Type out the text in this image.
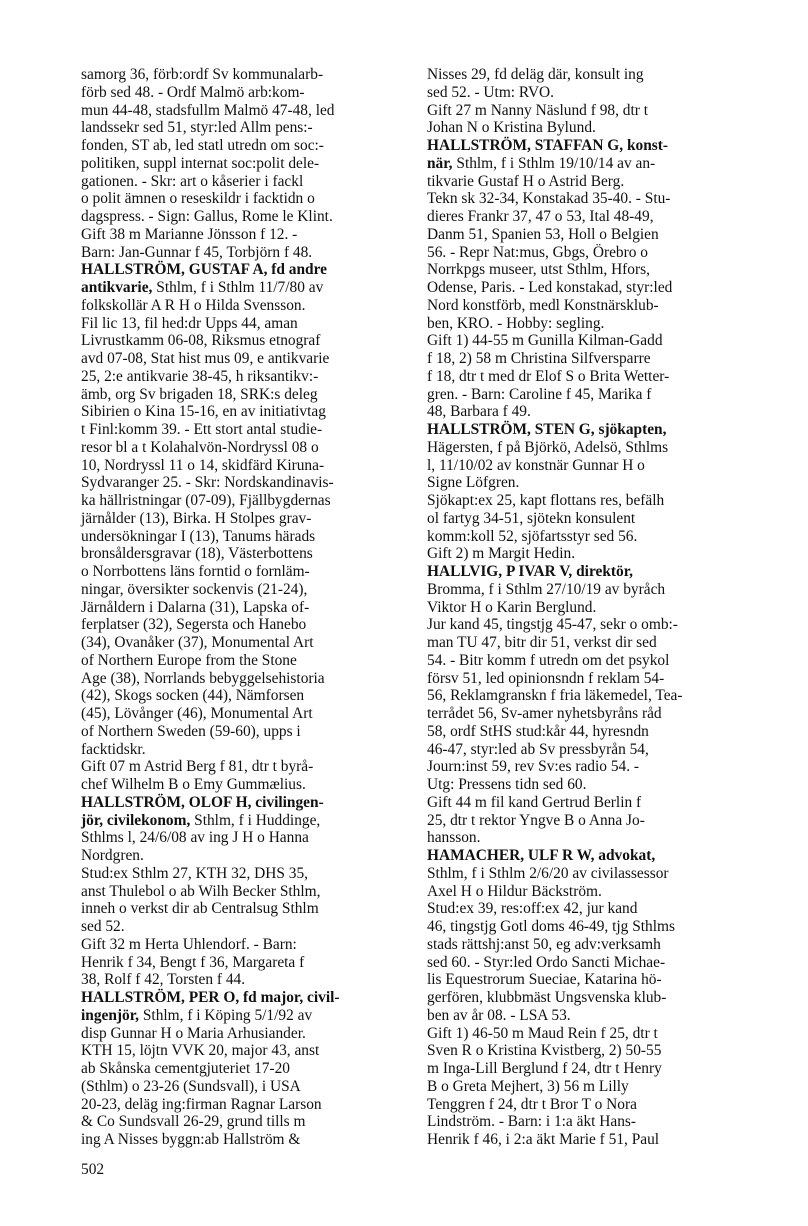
samorg 36, förb:ordf Sv kommunalarb-
förb sed 48. - Ordf Malmö arb:kom-
mun 44-48, stadsfullm Malmö 47-48, led
landssekr sed 51, styr:led Allm pens:-
fonden, ST ab, led statl utredn om soc:-
politiken, suppl internat soc:polit dele-
gationen. - Skr: art o kåserier i fackl
o polit ämnen o reseskildr i facktidn o
dagspress. - Sign: Gallus, Rome le Klint.
Gift 38 m Marianne Jönsson f 12. -
Barn: Jan-Gunnar f 45, Torbjörn f 48.
HALLSTRÖM, GUSTAF A, fd andre
antikvarie, Sthlm, f i Sthlm 11/7/80 av
folkskollär A R H o Hilda Svensson.
Fil lic 13, fil hed:dr Upps 44, aman
Livrustkamm 06-08, Riksmus etnograf
avd 07-08, Stat hist mus 09, e antikvarie
25, 2:e antikvarie 38-45, h riksantikv:-
ämb, org Sv brigaden 18, SRK:s deleg
Sibirien o Kina 15-16, en av initiativtag
t Finl:komm 39. - Ett stort antal studie-
resor bl a t Kolahalvön-Nordryssl 08 o
10, Nordryssl 11 o 14, skidfärd Kiruna-
Sydvaranger 25. - Skr: Nordskandinavis-
ka hällristningar (07-09), Fjällbygdernas
järnålder (13), Birka. H Stolpes grav-
undersökningar I (13), Tanums härads
bronsåldersgravar (18), Västerbottens
o Norrbottens läns forntid o fornläm-
ningar, översikter sockenvis (21-24),
Järnåldern i Dalarna (31), Lapska of-
ferplatser (32), Segersta och Hanebo
(34), Ovanåker (37), Monumental Art
of Northern Europe from the Stone
Age (38), Norrlands bebyggelsehistoria
(42), Skogs socken (44), Nämforsen
(45), Lövånger (46), Monumental Art
of Northern Sweden (59-60), upps i
facktidskr.
Gift 07 m Astrid Berg f 81, dtr t byrå-
chef Wilhelm B o Emy Gummælius.
HALLSTRÖM, OLOF H, civilingen-
jör, civilekonom, Sthlm, f i Huddinge,
Sthlms l, 24/6/08 av ing J H o Hanna
Nordgren.
Stud:ex Sthlm 27, KTH 32, DHS 35,
anst Thulebol o ab Wilh Becker Sthlm,
inneh o verkst dir ab Centralsug Sthlm
sed 52.
Gift 32 m Herta Uhlendorf. - Barn:
Henrik f 34, Bengt f 36, Margareta f
38, Rolf f 42, Torsten f 44.
HALLSTRÖM, PER O, fd major, civil-
ingenjör, Sthlm, f i Köping 5/1/92 av
disp Gunnar H o Maria Arhusiander.
KTH 15, löjtn VVK 20, major 43, anst
ab Skånska cementgjuteriet 17-20
(Sthlm) o 23-26 (Sundsvall), i USA
20-23, deläg ing:firman Ragnar Larson
& Co Sundsvall 26-29, grund tills m
ing A Nisses byggn:ab Hallström &
Nisses 29, fd deläg där, konsult ing
sed 52. - Utm: RVO.
Gift 27 m Nanny Näslund f 98, dtr t
Johan N o Kristina Bylund.
HALLSTRÖM, STAFFAN G, konst-
när, Sthlm, f i Sthlm 19/10/14 av an-
tikvarie Gustaf H o Astrid Berg.
Tekn sk 32-34, Konstakad 35-40. - Stu-
dieres Frankr 37, 47 o 53, Ital 48-49,
Danm 51, Spanien 53, Holl o Belgien
56. - Repr Nat:mus, Gbgs, Örebro o
Norrkpgs museer, utst Sthlm, Hfors,
Odense, Paris. - Led konstakad, styr:led
Nord konstförb, medl Konstnärsklub-
ben, KRO. - Hobby: segling.
Gift 1) 44-55 m Gunilla Kilman-Gadd
f 18, 2) 58 m Christina Silfversparre
f 18, dtr t med dr Elof S o Brita Wetter-
gren. - Barn: Caroline f 45, Marika f
48, Barbara f 49.
HALLSTRÖM, STEN G, sjökapten,
Hägersten, f på Björkö, Adelsö, Sthlms
l, 11/10/02 av konstnär Gunnar H o
Signe Löfgren.
Sjökapt:ex 25, kapt flottans res, befälh
ol fartyg 34-51, sjötekn konsulent
komm:koll 52, sjöfartsstyr sed 56.
Gift 2) m Margit Hedin.
HALLVIG, P IVAR V, direktör,
Bromma, f i Sthlm 27/10/19 av byråch
Viktor H o Karin Berglund.
Jur kand 45, tingstjg 45-47, sekr o omb:-
man TU 47, bitr dir 51, verkst dir sed
54. - Bitr komm f utredn om det psykol
försv 51, led opinionsndn f reklam 54-
56, Reklamgranskn f fria läkemedel, Tea-
terrådet 56, Sv-amer nyhetsbyråns råd
58, ordf StHS stud:kår 44, hyresndn
46-47, styr:led ab Sv pressbyrån 54,
Journ:inst 59, rev Sv:es radio 54. -
Utg: Pressens tidn sed 60.
Gift 44 m fil kand Gertrud Berlin f
25, dtr t rektor Yngve B o Anna Jo-
hansson.
HAMACHER, ULF R W, advokat,
Sthlm, f i Sthlm 2/6/20 av civilassessor
Axel H o Hildur Bäckström.
Stud:ex 39, res:off:ex 42, jur kand
46, tingstjg Gotl doms 46-49, tjg Sthlms
stads rättshj:anst 50, eg adv:verksamh
sed 60. - Styr:led Ordo Sancti Michae-
lis Equestrorum Sueciae, Katarina hö-
gerfören, klubbmäst Ungsvenska klub-
ben av år 08. - LSA 53.
Gift 1) 46-50 m Maud Rein f 25, dtr t
Sven R o Kristina Kvistberg, 2) 50-55
m Inga-Lill Berglund f 24, dtr t Henry
B o Greta Mejhert, 3) 56 m Lilly
Tenggren f 24, dtr t Bror T o Nora
Lindström. - Barn: i 1:a äkt Hans-
Henrik f 46, i 2:a äkt Marie f 51, Paul
502
